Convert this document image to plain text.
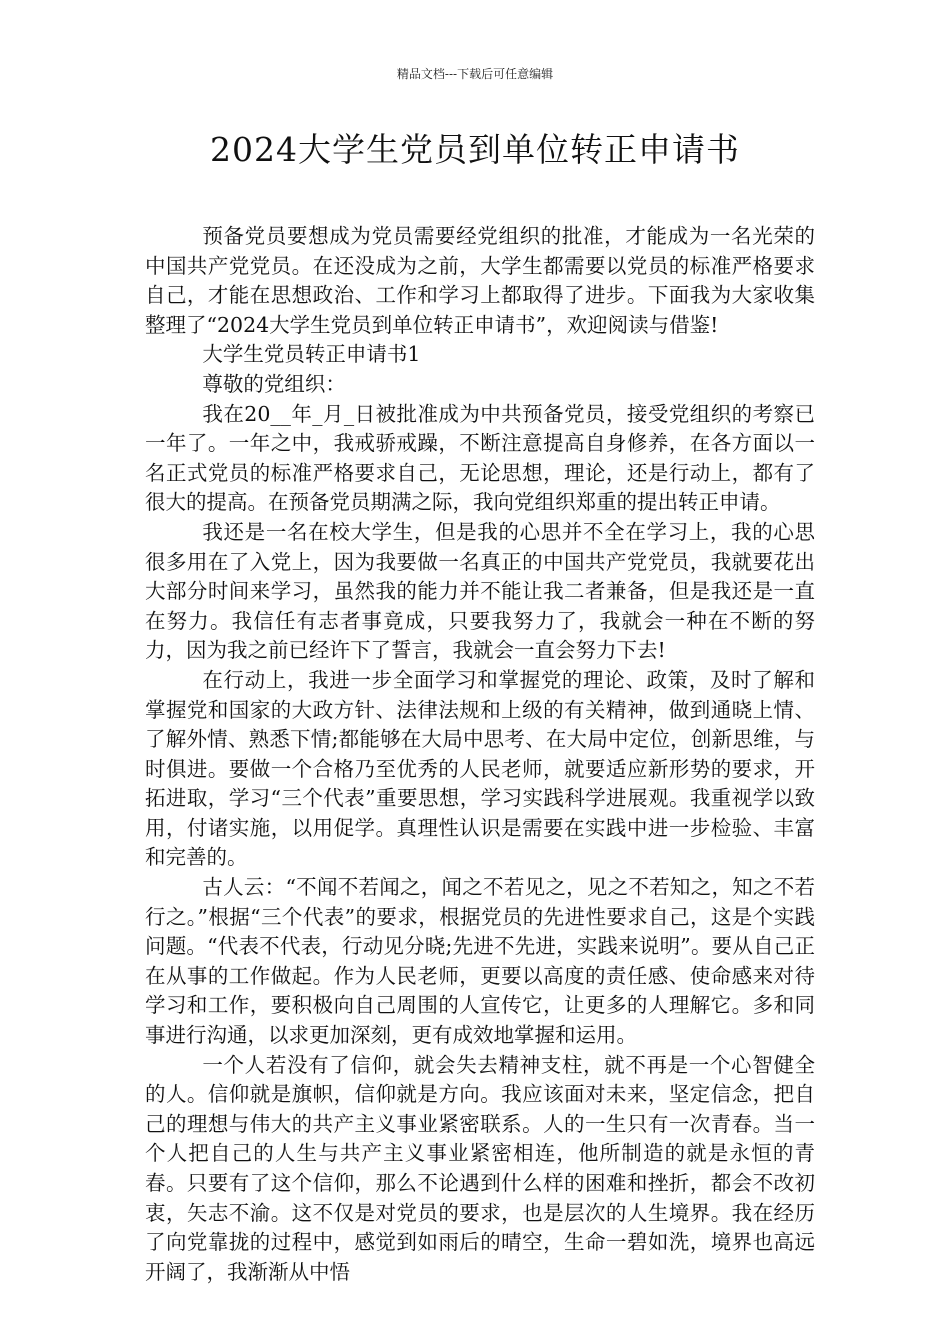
精品文档---下载后可任意编辑
2024大学生党员到单位转正申请书

预备党员要想成为党员需要经党组织的批准，才能成为一名光荣的中国共产党党员。在还没成为之前，大学生都需要以党员的标准严格要求自己，才能在思想政治、工作和学习上都取得了进步。下面我为大家收集整理了“2024大学生党员到单位转正申请书”，欢迎阅读与借鉴!

大学生党员转正申请书1

尊敬的党组织：

我在20__年_月_日被批准成为中共预备党员，接受党组织的考察已一年了。一年之中，我戒骄戒躁，不断注意提高自身修养，在各方面以一名正式党员的标准严格要求自己，无论思想，理论，还是行动上，都有了很大的提高。在预备党员期满之际，我向党组织郑重的提出转正申请。

我还是一名在校大学生，但是我的心思并不全在学习上，我的心思很多用在了入党上，因为我要做一名真正的中国共产党党员，我就要花出大部分时间来学习，虽然我的能力并不能让我二者兼备，但是我还是一直在努力。我信任有志者事竟成，只要我努力了，我就会一种在不断的努力，因为我之前已经许下了誓言，我就会一直会努力下去!

在行动上，我进一步全面学习和掌握党的理论、政策，及时了解和掌握党和国家的大政方针、法律法规和上级的有关精神，做到通晓上情、了解外情、熟悉下情;都能够在大局中思考、在大局中定位，创新思维，与时俱进。要做一个合格乃至优秀的人民老师，就要适应新形势的要求，开拓进取，学习“三个代表”重要思想，学习实践科学进展观。我重视学以致用，付诸实施，以用促学。真理性认识是需要在实践中进一步检验、丰富和完善的。

古人云：“不闻不若闻之，闻之不若见之，见之不若知之，知之不若行之。”根据“三个代表”的要求，根据党员的先进性要求自己，这是个实践问题。“代表不代表，行动见分晓;先进不先进，实践来说明”。要从自己正在从事的工作做起。作为人民老师，更要以高度的责任感、使命感来对待学习和工作，要积极向自己周围的人宣传它，让更多的人理解它。多和同事进行沟通，以求更加深刻，更有成效地掌握和运用。

一个人若没有了信仰，就会失去精神支柱，就不再是一个心智健全的人。信仰就是旗帜，信仰就是方向。我应该面对未来，坚定信念，把自己的理想与伟大的共产主义事业紧密联系。人的一生只有一次青春。当一个人把自己的人生与共产主义事业紧密相连，他所制造的就是永恒的青春。只要有了这个信仰，那么不论遇到什么样的困难和挫折，都会不改初衷，矢志不渝。这不仅是对党员的要求，也是层次的人生境界。我在经历了向党靠拢的过程中，感觉到如雨后的晴空，生命一碧如洗，境界也高远开阔了，我渐渐从中悟
